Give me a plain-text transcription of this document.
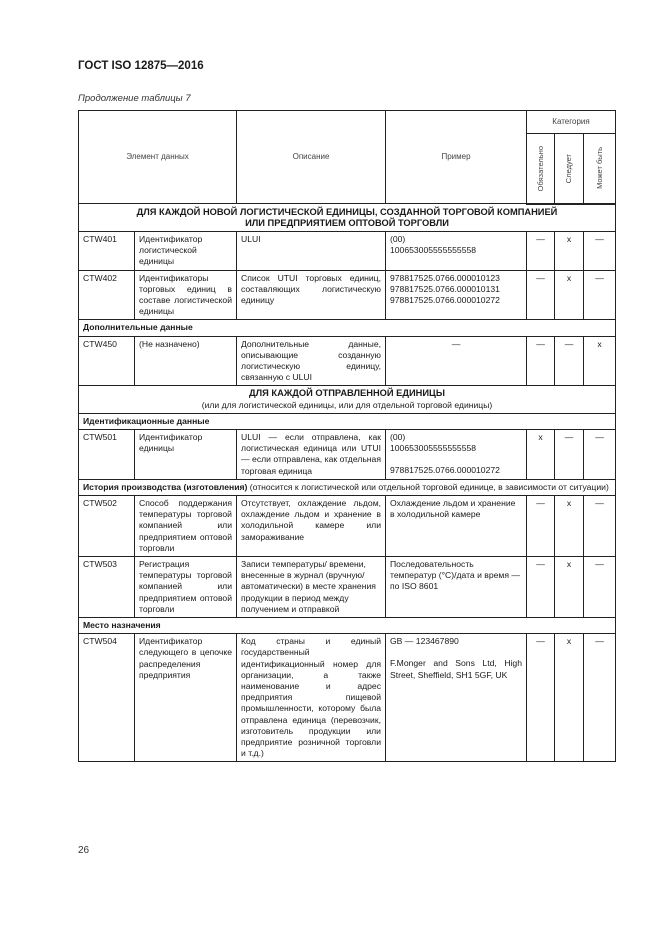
ГОСТ ISO 12875—2016
Продолжение таблицы 7
Элемент данных		Описание	Пример	Категория		

				Обязательно	Следует	Может быть

ДЛЯ КАЖДОЙ НОВОЙ ЛОГИСТИЧЕСКОЙ ЕДИНИЦЫ, СОЗДАННОЙ ТОРГОВОЙ КОМПАНИЕЙ
ИЛИ ПРЕДПРИЯТИЕМ ОПТОВОЙ ТОРГОВЛИ						

CTW401	Идентификатор логистической единицы	ULUI	(00)
100653005555555558	—	х	—
CTW402	Идентификаторы торговых единиц в составе логистической единицы	Список UTUI торговых единиц, составляющих логистическую единицу	978817525.0766.000010123
978817525.0766.000010131
978817525.0766.000010272	—	х	—
Дополнительные данные						
CTW450	(Не назначено)	Дополнительные данные, описывающие созданную логистическую единицу, связанную с ULUI	—	—	—	х

ДЛЯ КАЖДОЙ ОТПРАВЛЕННОЙ ЕДИНИЦЫ
(или для логистической единицы, или для отдельной торговой единицы)						

Идентификационные данные						
CTW501	Идентификатор единицы	ULUI — если отправлена, как логистическая единица или UTUI — если отправлена, как отдельная торговая единица	(00)
100653005555555558
978817525.0766.000010272	х	—	—
История производства (изготовления) (относится к логистической или отдельной торговой единице, в зависимости от ситуации)						
CTW502	Способ поддержания температуры торговой компанией или предприятием оптовой торговли	Отсутствует, охлаждение льдом, охлаждение льдом и хранение в холодильной камере или замораживание	Охлаждение льдом и хранение в холодильной камере	—	х	—
CTW503	Регистрация температуры торговой компанией или предприятием оптовой торговли	Записи температуры/ времени, внесенные в журнал (вручную/ автоматически) в месте хранения продукции в период между получением и отправкой	Последовательность температур (°С)/дата и время — по ISO 8601	—	х	—
Место назначения						
CTW504	Идентификатор следующего в цепочке распределения предприятия	Код страны и единый государственный идентификационный номер для организации, а также наименование и адрес предприятия пищевой промышленности, которому была отправлена единица (перевозчик, изготовитель продукции или предприятие розничной торговли и т.д.)	GB — 123467890
F.Monger and Sons Ltd, High Street, Sheffield, SH1 5GF, UK	—	х	—
26
